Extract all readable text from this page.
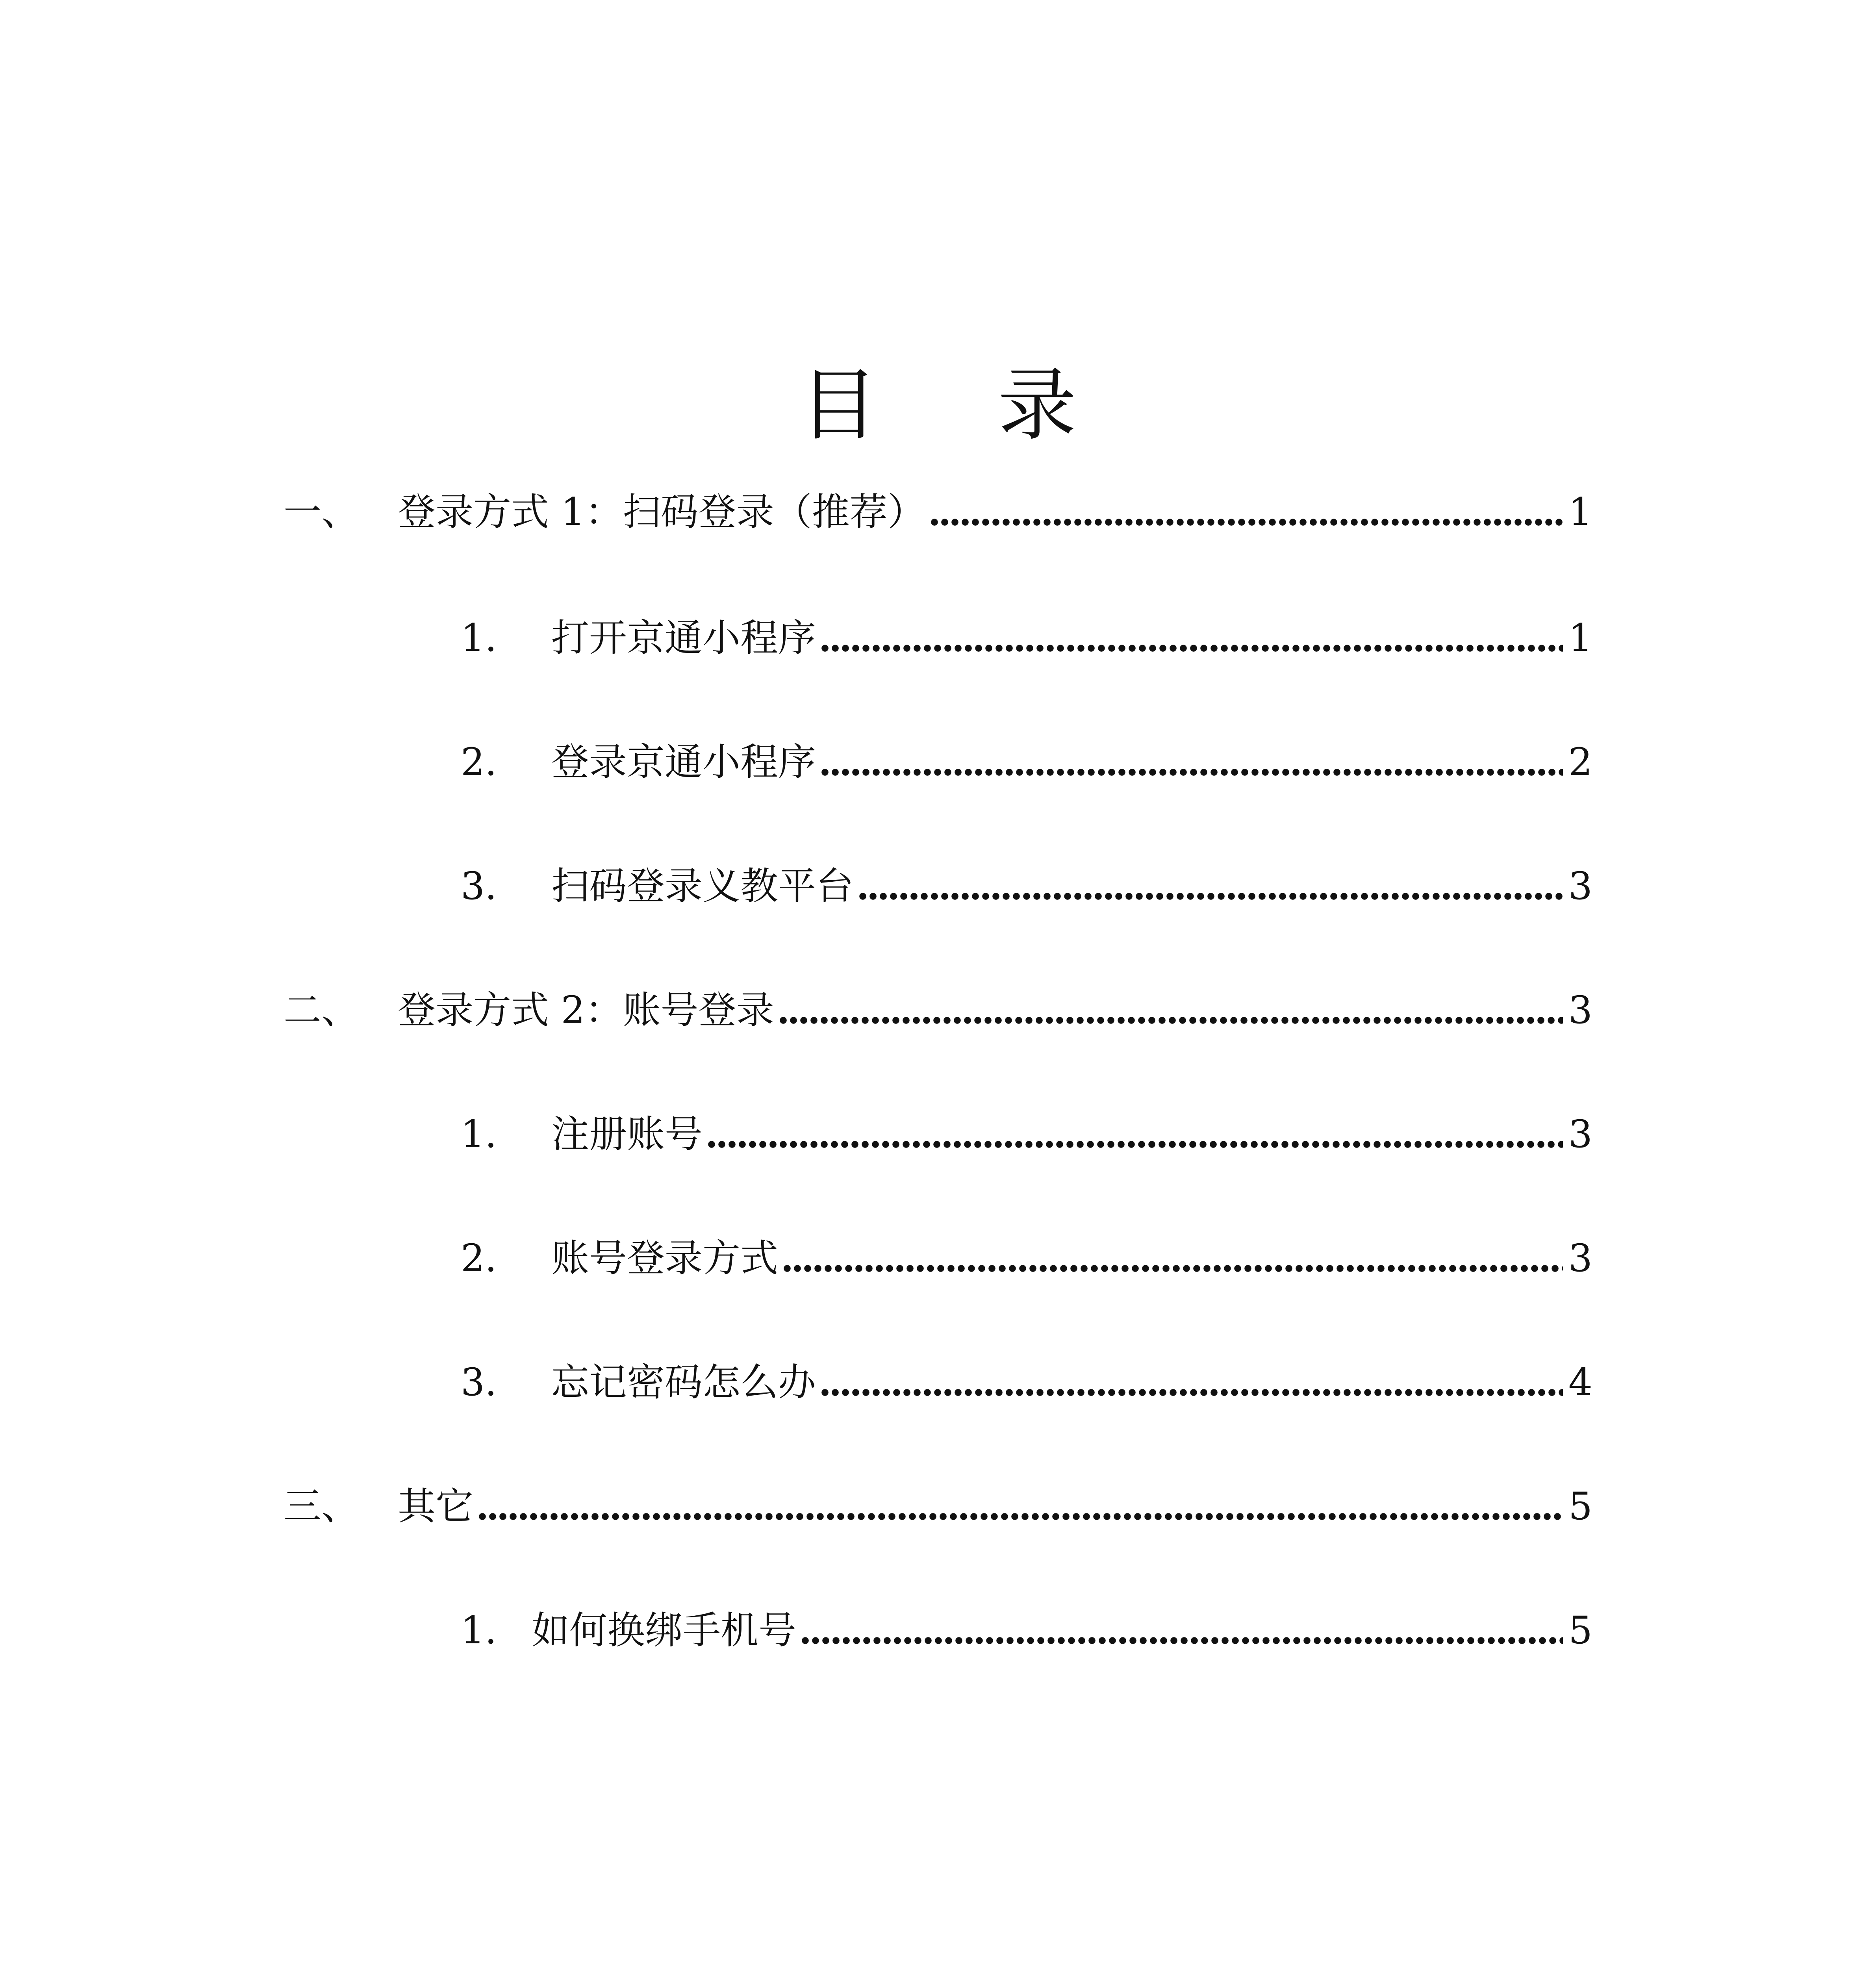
目 录
一、	登录方式 1：扫码登录（推荐）	1
1.	打开京通小程序	1
2.	登录京通小程序	2
3.	扫码登录义教平台	3
二、	登录方式 2：账号登录	3
1.	注册账号	3
2.	账号登录方式	3
3.	忘记密码怎么办	4
三、	其它	5
1. 如何换绑手机号	5
